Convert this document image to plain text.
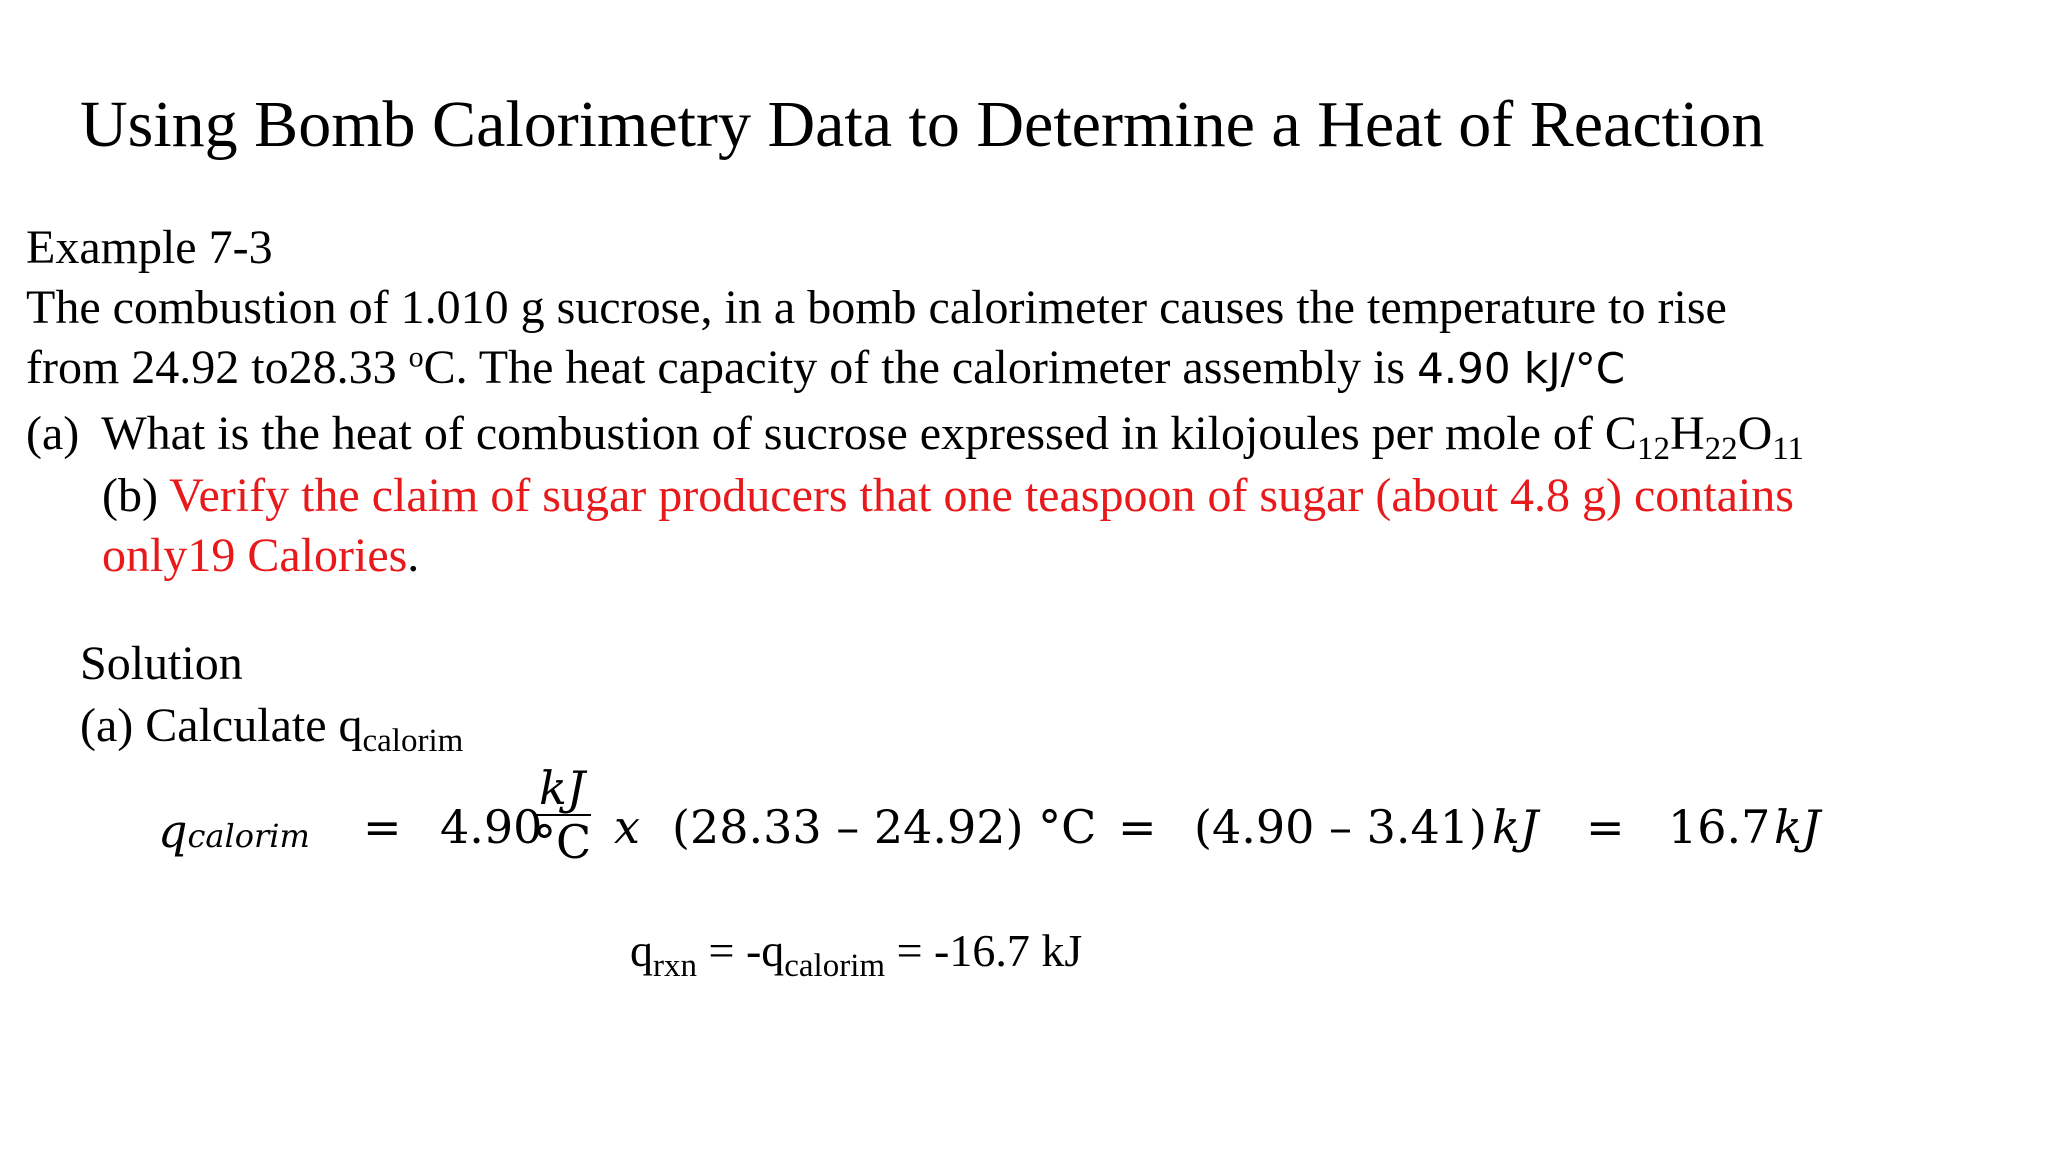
Using Bomb Calorimetry Data to Determine a Heat of Reaction
Example 7-3
The combustion of 1.010 g sucrose, in a bomb calorimeter causes the temperature to rise
from 24.92 to28.33 $^o$C. The heat capacity of the calorimeter assembly is 4.90 kJ/°C
(a) What is the heat of combustion of sucrose expressed in kilojoules per mole of $C_{12}H_{22}O_{11}$
(b) Verify the claim of sugar producers that one teaspoon of sugar (about 4.8 g) contains
only19 Calories.
Solution
(a) Calculate $q_{calorim}$
qcalorim = 4.90
$\frac{kJ}{^\circ C}$ x (28.33 – 24.92) °C = (4.90 – 3.41) kJ = 16.7 kJ
$q_{rxn} = -q_{calorim} = -16.7$ kJ
